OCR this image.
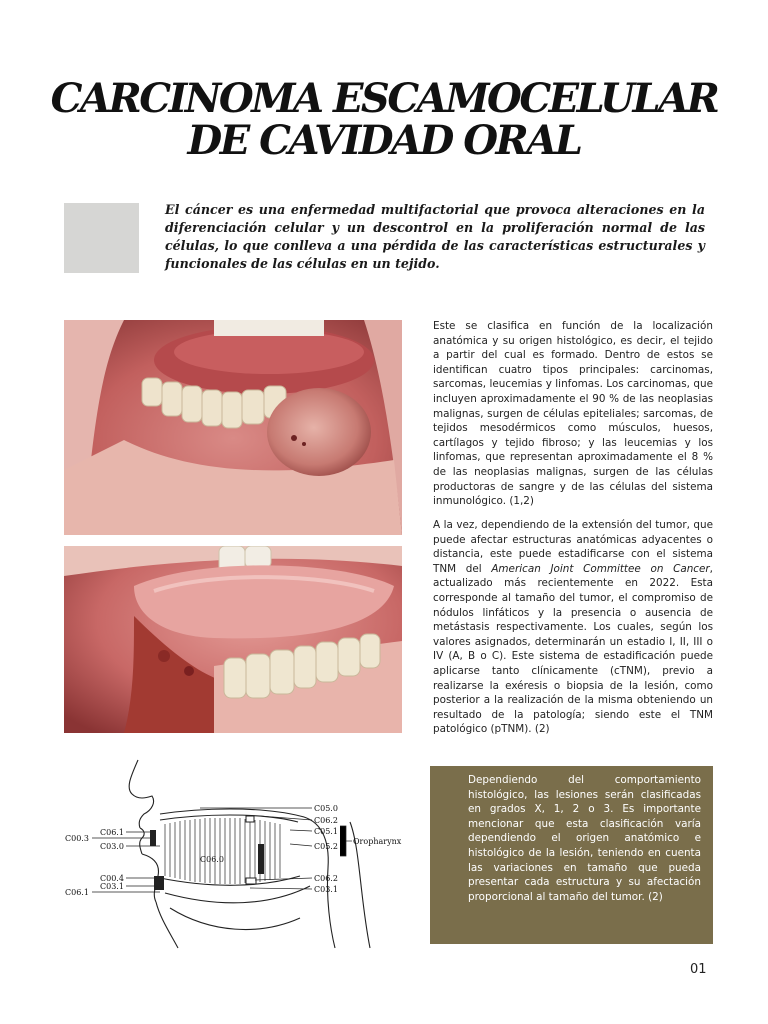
CARCINOMA ESCAMOCELULAR
DE CAVIDAD ORAL

El cáncer es una enfermedad multifactorial que provoca alteraciones en la diferenciación celular y un descontrol en la proliferación normal de las células, lo que conlleva a una pérdida de las características estructurales y funcionales de las células en un tejido.

Este se clasifica en función de la localización anatómica y su origen histológico, es decir, el tejido a partir del cual es formado. Dentro de estos se identifican cuatro tipos principales: carcinomas, sarcomas, leucemias y linfomas. Los carcinomas, que incluyen aproximadamente el 90 % de las neoplasias malignas, surgen de células epiteliales; sarcomas, de tejidos mesodérmicos como músculos, huesos, cartílagos y tejido fibroso; y las leucemias y los linfomas, que representan aproximadamente el 8 % de las neoplasias malignas, surgen de las células productoras de sangre y de las células del sistema inmunológico. (1,2)

A la vez, dependiendo de la extensión del tumor, que puede afectar estructuras anatómicas adyacentes o distancia, este puede estadificarse con el sistema TNM del American Joint Committee on Cancer, actualizado más recientemente en 2022. Esta corresponde al tamaño del tumor, el compromiso de nódulos linfáticos y la presencia o ausencia de metástasis respectivamente. Los cuales, según los valores asignados, determinarán un estadio I, II, III o IV (A, B o C). Este sistema de estadificación puede aplicarse tanto clínicamente (cTNM), previo a realizarse la exéresis o biopsia de la lesión, como posterior a la realización de la misma obteniendo un resultado de la patología; siendo este el TNM patológico (pTNM). (2)

C05.0
C06.2
C05.1
C05.2
Oropharynx
C06.2
C03.1
C00.3
C06.1
C03.0
C06.0
C00.4
C03.1
C06.1

Dependiendo del comportamiento histológico, las lesiones serán clasificadas en grados X, 1, 2 o 3. Es importante mencionar que esta clasificación varía dependiendo el origen anatómico e histológico de la lesión, teniendo en cuenta las variaciones en tamaño que pueda presentar cada estructura y su afectación proporcional al tamaño del tumor. (2)

01
